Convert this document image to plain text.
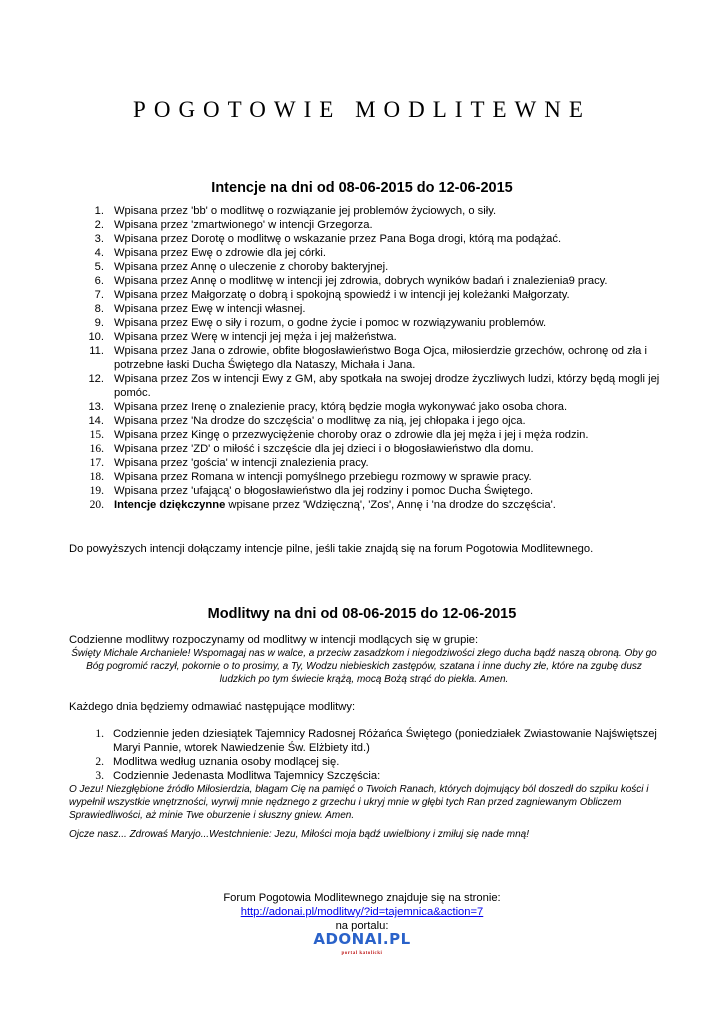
POGOTOWIE MODLITEWNE
Intencje na dni od 08-06-2015 do 12-06-2015
1. Wpisana przez 'bb' o modlitwę o rozwiązanie jej problemów życiowych, o siły.
2. Wpisana przez 'zmartwionego' w intencji Grzegorza.
3. Wpisana przez Dorotę o modlitwę o wskazanie przez Pana Boga drogi, którą ma podążać.
4. Wpisana przez Ewę o zdrowie dla jej córki.
5. Wpisana przez Annę o uleczenie z choroby bakteryjnej.
6. Wpisana przez Annę o modlitwę w intencji jej zdrowia, dobrych wyników badań i znalezienia9 pracy.
7. Wpisana przez Małgorzatę o dobrą i spokojną spowiedź i w intencji jej koleżanki Małgorzaty.
8. Wpisana przez Ewę w intencji własnej.
9. Wpisana przez Ewę o siły i rozum, o godne życie i pomoc w rozwiązywaniu problemów.
10. Wpisana przez Werę w intencji jej męża i jej małżeństwa.
11. Wpisana przez Jana o zdrowie, obfite błogosławieństwo Boga Ojca, miłosierdzie grzechów, ochronę od zła i potrzebne łaski Ducha Świętego dla Nataszy, Michała i Jana.
12. Wpisana przez Zos w intencji Ewy z GM, aby spotkała na swojej drodze życzliwych ludzi, którzy będą mogli jej pomóc.
13. Wpisana przez Irenę o znalezienie pracy, którą będzie mogła wykonywać jako osoba chora.
14. Wpisana przez 'Na drodze do szczęścia' o modlitwę za nią, jej chłopaka i jego ojca.
15. Wpisana przez Kingę o przezwyciężenie choroby oraz o zdrowie dla jej męża i jej i męża rodzin.
16. Wpisana przez 'ZD' o miłość i szczęście dla jej dzieci i o błogosławieństwo dla domu.
17. Wpisana przez 'gościa' w intencji znalezienia pracy.
18. Wpisana przez Romana w intencji pomyślnego przebiegu rozmowy w sprawie pracy.
19. Wpisana przez 'ufającą' o błogosławieństwo dla jej rodziny i pomoc Ducha Świętego.
20. Intencje dziękczynne wpisane przez 'Wdzięczną', 'Zos', Annę i 'na drodze do szczęścia'.
Do powyższych intencji dołączamy intencje pilne, jeśli takie znajdą się na forum Pogotowia Modlitewnego.
Modlitwy na dni od 08-06-2015 do 12-06-2015
Codzienne modlitwy rozpoczynamy od modlitwy w intencji modlących się w grupie:
Święty Michale Archaniele! Wspomagaj nas w walce, a przeciw zasadzkom i niegodziwości złego ducha bądź naszą obroną. Oby go Bóg pogromić raczył, pokornie o to prosimy, a Ty, Wodzu niebieskich zastępów, szatana i inne duchy złe, które na zgubę dusz ludzkich po tym świecie krążą, mocą Bożą strąć do piekła. Amen.
Każdego dnia będziemy odmawiać następujące modlitwy:
1. Codziennie jeden dziesiątek Tajemnicy Radosnej Różańca Świętego (poniedziałek Zwiastowanie Najświętszej Maryi Pannie, wtorek Nawiedzenie Św. Elżbiety itd.)
2. Modlitwa według uznania osoby modlącej się.
3. Codziennie Jedenasta Modlitwa Tajemnicy Szczęścia:
O Jezu! Niezgłębione źródło Miłosierdzia, błagam Cię na pamięć o Twoich Ranach, których dojmujący ból doszedł do szpiku kości i wypełnił wszystkie wnętrzności, wyrwij mnie nędznego z grzechu i ukryj mnie w głębi tych Ran przed zagniewanym Obliczem Sprawiedliwości, aż minie Twe oburzenie i słuszny gniew. Amen.
Ojcze nasz... Zdrowaś Maryjo...Westchnienie: Jezu, Miłości moja bądź uwielbiony i zmiłuj się nade mną!
Forum Pogotowia Modlitewnego znajduje się na stronie:
http://adonai.pl/modlitwy/?id=tajemnica&action=7
na portalu:
ADONAI.PL
portal katolicki
